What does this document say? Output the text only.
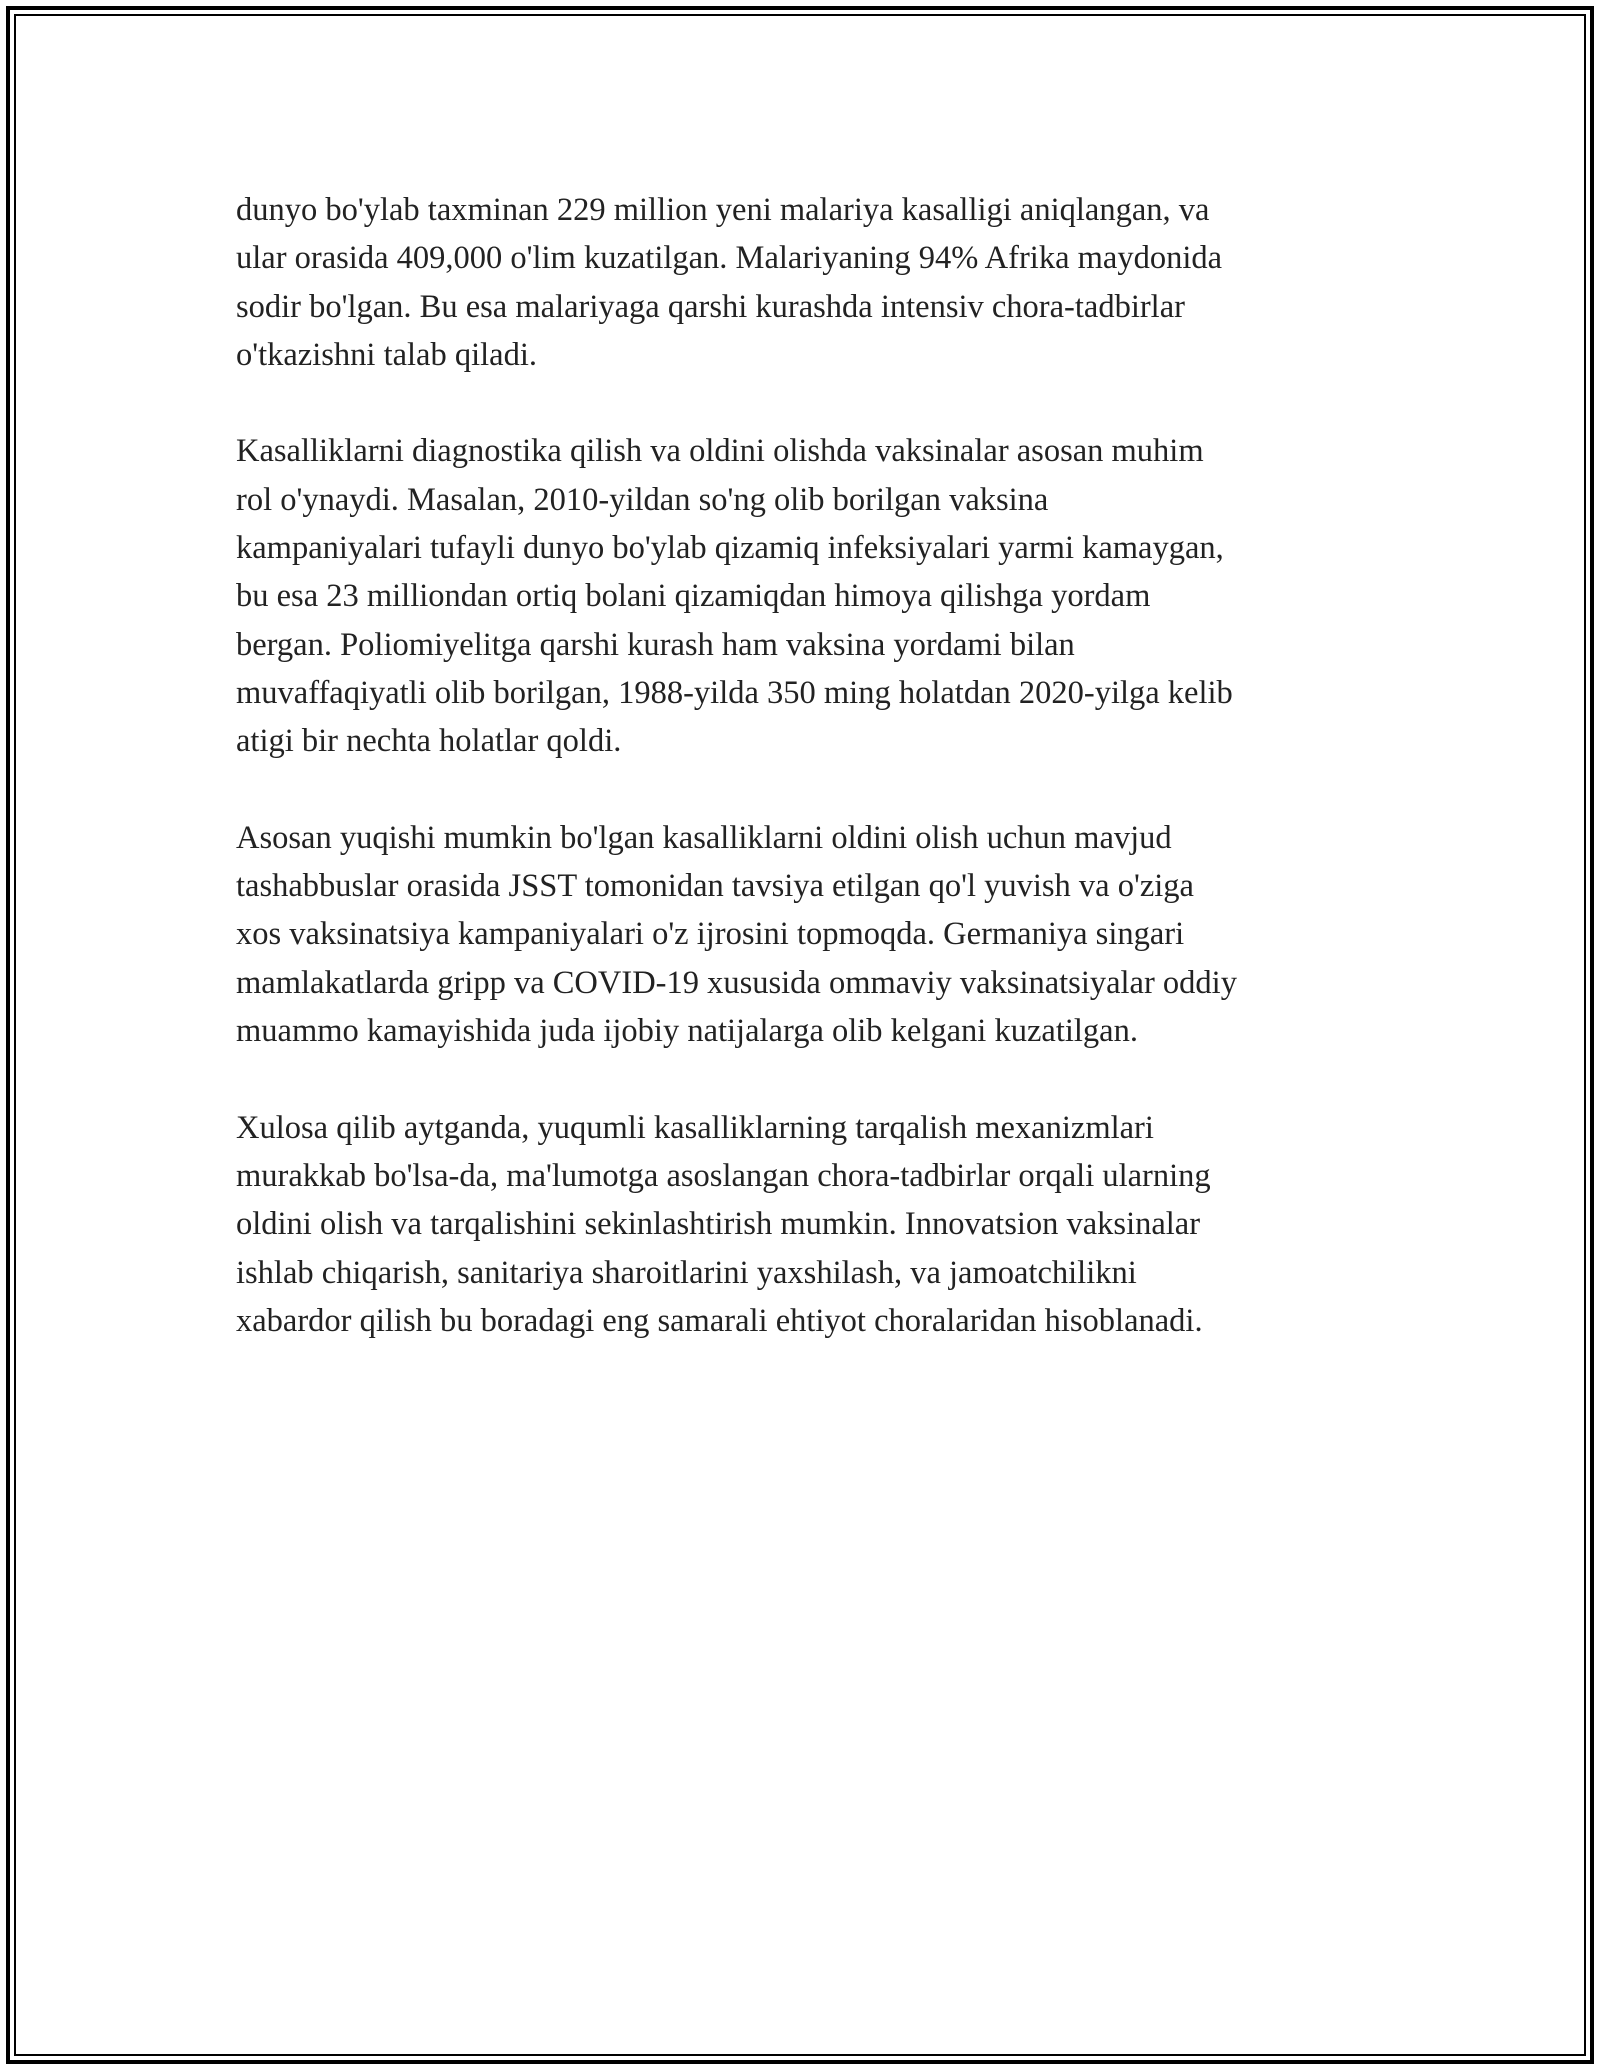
dunyo bo'ylab taxminan 229 million yeni malariya kasalligi aniqlangan, va
ular orasida 409,000 o'lim kuzatilgan. Malariyaning 94% Afrika maydonida
sodir bo'lgan. Bu esa malariyaga qarshi kurashda intensiv chora-tadbirlar
o'tkazishni talab qiladi.

Kasalliklarni diagnostika qilish va oldini olishda vaksinalar asosan muhim
rol o'ynaydi. Masalan, 2010-yildan so'ng olib borilgan vaksina
kampaniyalari tufayli dunyo bo'ylab qizamiq infeksiyalari yarmi kamaygan,
bu esa 23 milliondan ortiq bolani qizamiqdan himoya qilishga yordam
bergan. Poliomiyelitga qarshi kurash ham vaksina yordami bilan
muvaffaqiyatli olib borilgan, 1988-yilda 350 ming holatdan 2020-yilga kelib
atigi bir nechta holatlar qoldi.

Asosan yuqishi mumkin bo'lgan kasalliklarni oldini olish uchun mavjud
tashabbuslar orasida JSST tomonidan tavsiya etilgan qo'l yuvish va o'ziga
xos vaksinatsiya kampaniyalari o'z ijrosini topmoqda. Germaniya singari
mamlakatlarda gripp va COVID-19 xususida ommaviy vaksinatsiyalar oddiy
muammo kamayishida juda ijobiy natijalarga olib kelgani kuzatilgan.

Xulosa qilib aytganda, yuqumli kasalliklarning tarqalish mexanizmlari
murakkab bo'lsa-da, ma'lumotga asoslangan chora-tadbirlar orqali ularning
oldini olish va tarqalishini sekinlashtirish mumkin. Innovatsion vaksinalar
ishlab chiqarish, sanitariya sharoitlarini yaxshilash, va jamoatchilikni
xabardor qilish bu boradagi eng samarali ehtiyot choralaridan hisoblanadi.
